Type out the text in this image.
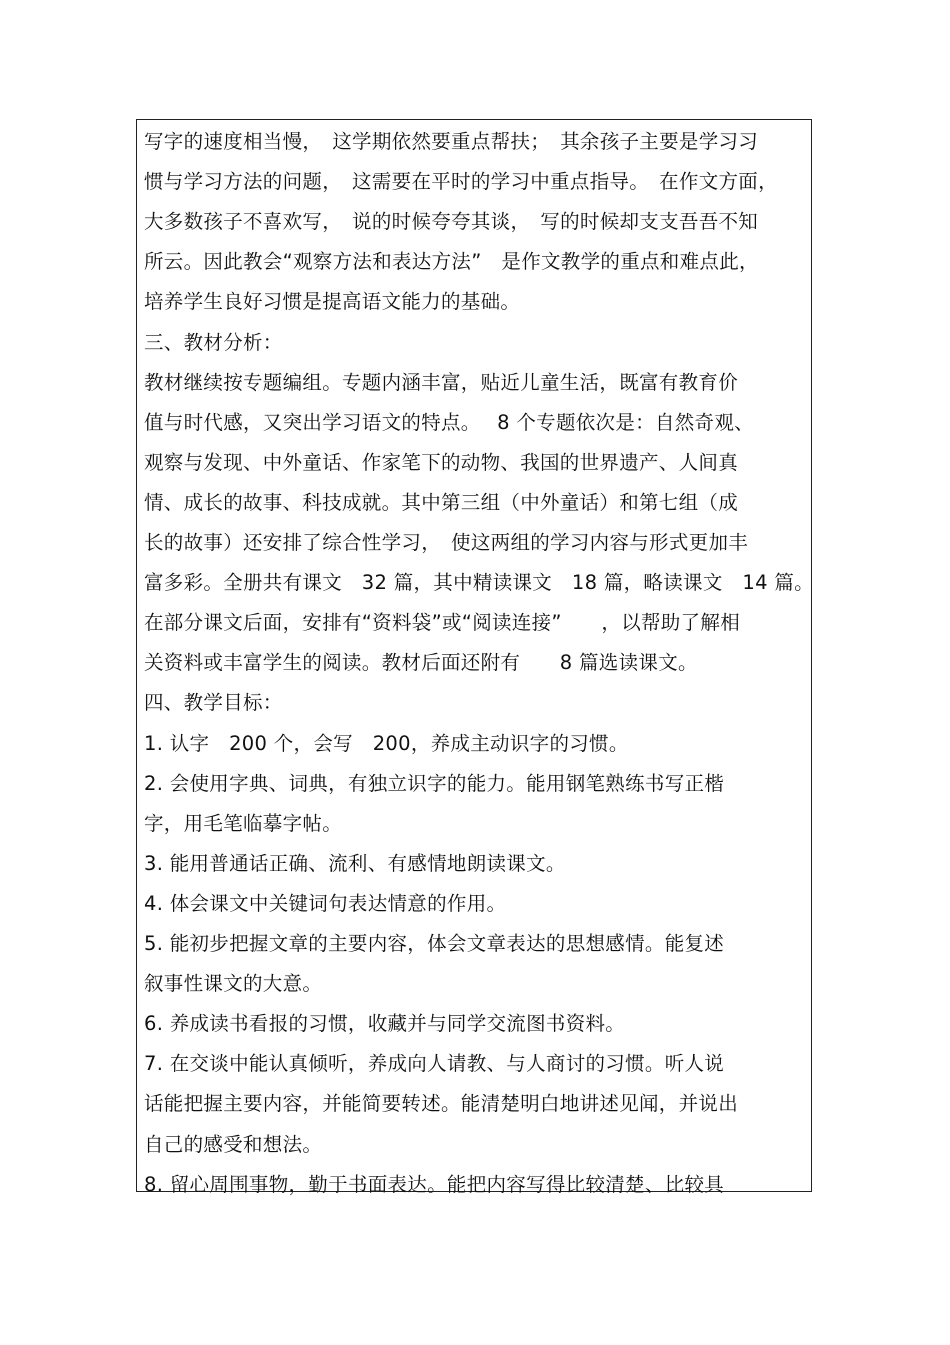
写字的速度相当慢，　这学期依然要重点帮扶；　其余孩子主要是学习习
惯与学习方法的问题，　这需要在平时的学习中重点指导。　在作文方面，
大多数孩子不喜欢写，　说的时候夸夸其谈，　写的时候却支支吾吾不知
所云。因此教会“观察方法和表达方法”　是作文教学的重点和难点此，
培养学生良好习惯是提高语文能力的基础。
三、教材分析：
教材继续按专题编组。专题内涵丰富，贴近儿童生活，既富有教育价
值与时代感，又突出学习语文的特点。　 8 个专题依次是：自然奇观、
观察与发现、中外童话、作家笔下的动物、我国的世界遗产、人间真
情、成长的故事、科技成就。其中第三组（中外童话）和第七组（成
长的故事）还安排了综合性学习，　使这两组的学习内容与形式更加丰
富多彩。全册共有课文　32 篇，其中精读课文　18 篇，略读课文　14 篇。
在部分课文后面，安排有“资料袋”或“阅读连接”　　，以帮助了解相
关资料或丰富学生的阅读。教材后面还附有　　8 篇选读课文。
四、教学目标：
1. 认字　200 个，会写　200，养成主动识字的习惯。
2. 会使用字典、词典，有独立识字的能力。能用钢笔熟练书写正楷
字，用毛笔临摹字帖。
3. 能用普通话正确、流利、有感情地朗读课文。
4. 体会课文中关键词句表达情意的作用。
5. 能初步把握文章的主要内容，体会文章表达的思想感情。能复述
叙事性课文的大意。
6. 养成读书看报的习惯，收藏并与同学交流图书资料。
7. 在交谈中能认真倾听，养成向人请教、与人商讨的习惯。听人说
话能把握主要内容，并能简要转述。能清楚明白地讲述见闻，并说出
自己的感受和想法。
8. 留心周围事物，勤于书面表达。能把内容写得比较清楚、比较具
